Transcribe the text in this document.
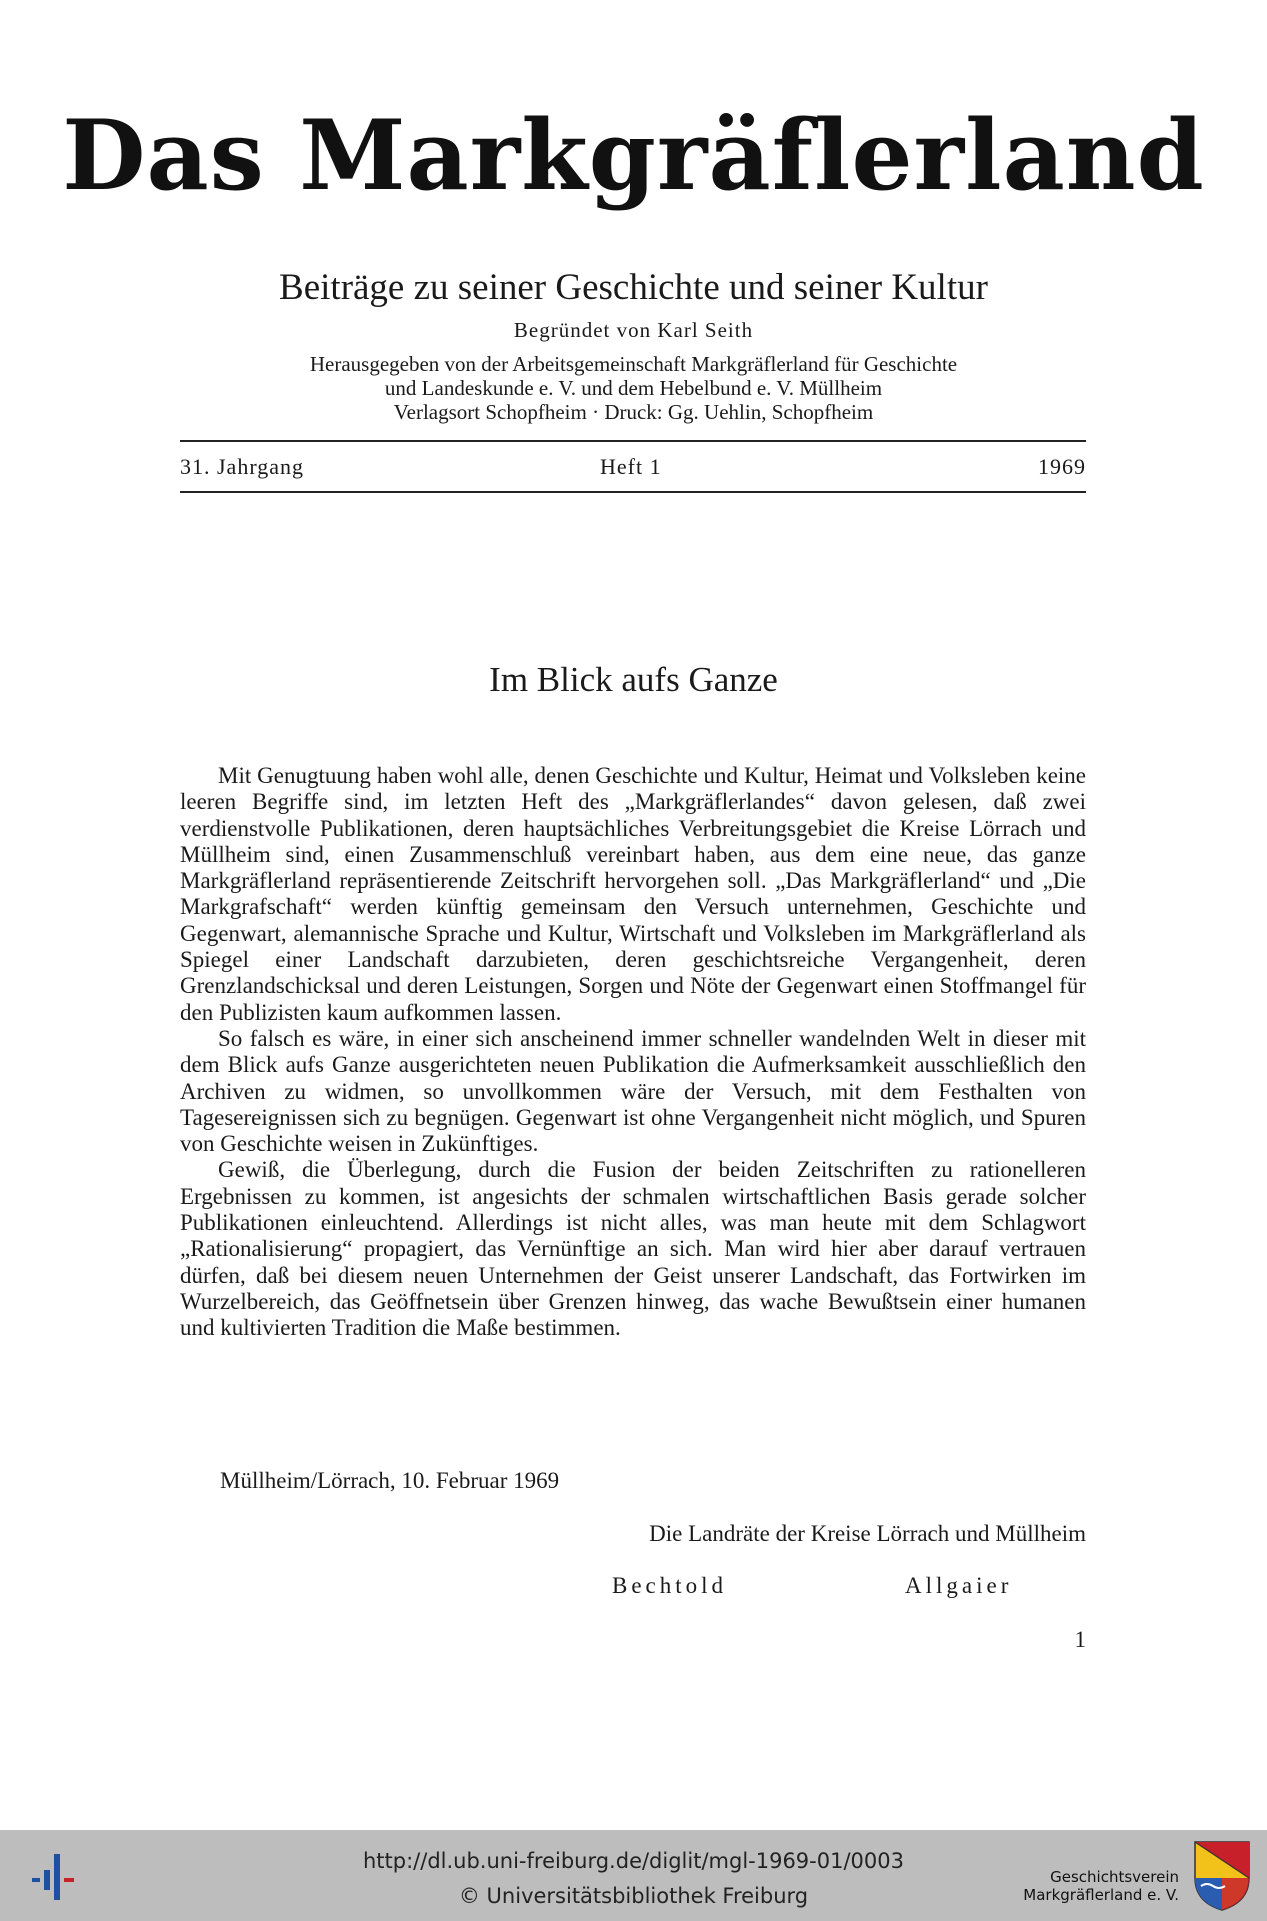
Das Markgräflerland
Beiträge zu seiner Geschichte und seiner Kultur
Begründet von Karl Seith
Herausgegeben von der Arbeitsgemeinschaft Markgräflerland für Geschichte
und Landeskunde e. V. und dem Hebelbund e. V. Müllheim
Verlagsort Schopfheim · Druck: Gg. Uehlin, Schopfheim
31. Jahrgang	Heft 1	1969
Im Blick aufs Ganze

Mit Genugtuung haben wohl alle, denen Geschichte und Kultur, Heimat und Volksleben keine leeren Begriffe sind, im letzten Heft des „Markgräflerlandes“ davon gelesen, daß zwei verdienstvolle Publikationen, deren hauptsächliches Verbreitungsgebiet die Kreise Lörrach und Müllheim sind, einen Zusammenschluß vereinbart haben, aus dem eine neue, das ganze Markgräflerland repräsentierende Zeitschrift hervorgehen soll. „Das Markgräflerland“ und „Die Markgrafschaft“ werden künftig gemeinsam den Versuch unternehmen, Geschichte und Gegenwart, alemannische Sprache und Kultur, Wirtschaft und Volksleben im Markgräflerland als Spiegel einer Landschaft darzubieten, deren geschichtsreiche Vergangenheit, deren Grenzlandschicksal und deren Leistungen, Sorgen und Nöte der Gegenwart einen Stoffmangel für den Publizisten kaum aufkommen lassen.

So falsch es wäre, in einer sich anscheinend immer schneller wandelnden Welt in dieser mit dem Blick aufs Ganze ausgerichteten neuen Publikation die Aufmerksamkeit ausschließlich den Archiven zu widmen, so unvollkommen wäre der Versuch, mit dem Festhalten von Tagesereignissen sich zu begnügen. Gegenwart ist ohne Vergangenheit nicht möglich, und Spuren von Geschichte weisen in Zukünftiges.

Gewiß, die Überlegung, durch die Fusion der beiden Zeitschriften zu rationelleren Ergebnissen zu kommen, ist angesichts der schmalen wirtschaftlichen Basis gerade solcher Publikationen einleuchtend. Allerdings ist nicht alles, was man heute mit dem Schlagwort „Rationalisierung“ propagiert, das Vernünftige an sich. Man wird hier aber darauf vertrauen dürfen, daß bei diesem neuen Unternehmen der Geist unserer Landschaft, das Fortwirken im Wurzelbereich, das Geöffnetsein über Grenzen hinweg, das wache Bewußtsein einer humanen und kultivierten Tradition die Maße bestimmen.

Müllheim/Lörrach, 10. Februar 1969
Die Landräte der Kreise Lörrach und Müllheim
Bechtold	Allgaier
1
http://dl.ub.uni-freiburg.de/diglit/mgl-1969-01/0003
© Universitätsbibliothek Freiburg
Geschichtsverein
Markgräflerland e. V.
